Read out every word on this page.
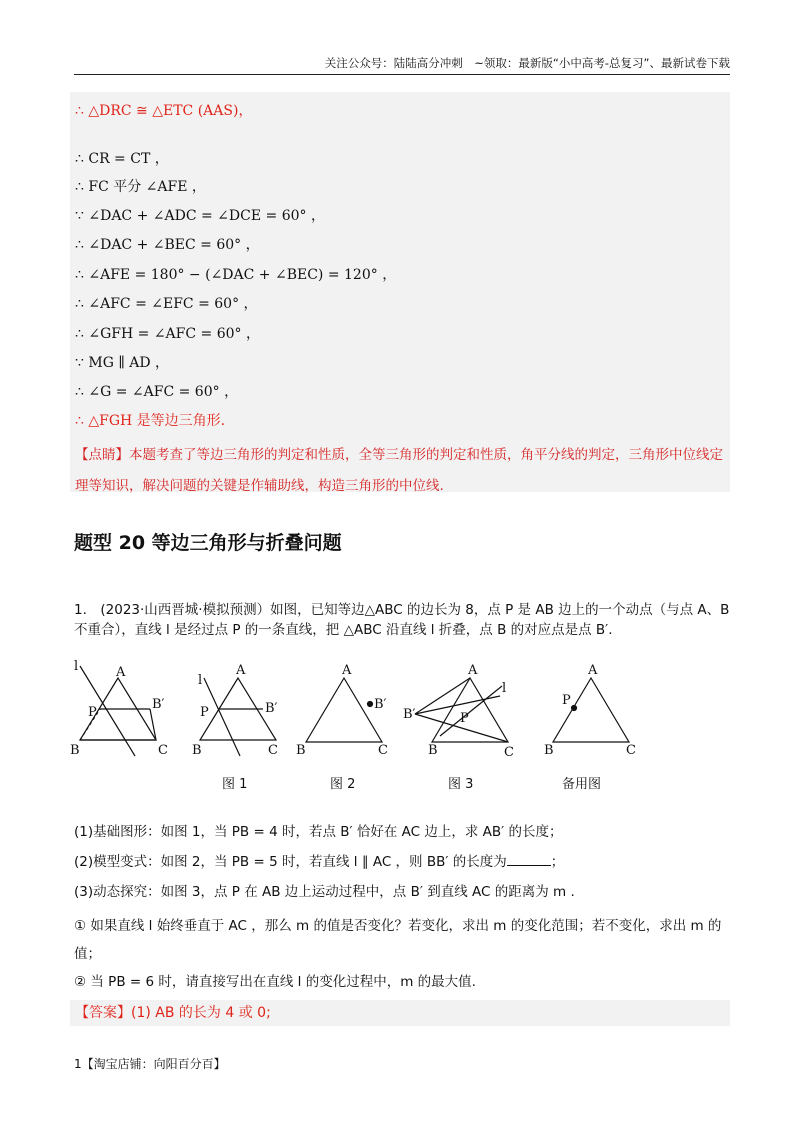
关注公众号：陆陆高分冲刺　~领取：最新版“小中高考-总复习”、最新试卷下载
∴ △DRC ≅ △ETC (AAS)，
∴ CR = CT ，
∴ FC 平分 ∠AFE ，
∵ ∠DAC + ∠ADC = ∠DCE = 60° ，
∴ ∠DAC + ∠BEC = 60° ，
∴ ∠AFE = 180° − (∠DAC + ∠BEC) = 120° ，
∴ ∠AFC = ∠EFC = 60° ，
∴ ∠GFH = ∠AFC = 60° ，
∵ MG ∥ AD ，
∴ ∠G = ∠AFC = 60° ，
∴ △FGH 是等边三角形.
【点睛】本题考查了等边三角形的判定和性质，全等三角形的判定和性质，角平分线的判定，三角形中位线定理等知识，解决问题的关键是作辅助线，构造三角形的中位线.
题型 20 等边三角形与折叠问题
1.　(2023·山西晋城·模拟预测）如图，已知等边△ABC 的边长为 8，点 P 是 AB 边上的一个动点（与点 A、B 不重合），直线 l 是经过点 P 的一条直线，把 △ABC 沿直线 l 折叠，点 B 的对应点是点 B′.
l	A
P
B′
B	C
l
A
P	B′
B	C
A
B′
B	C
A
l
B′	P
B	C
A
P
B	C
图 1	图 2	图 3	备用图
(1)基础图形：如图 1，当 PB = 4 时，若点 B′ 恰好在 AC 边上，求 AB′ 的长度；
(2)模型变式：如图 2，当 PB = 5 时，若直线 l ∥ AC ，则 BB′ 的长度为	；
(3)动态探究：如图 3，点 P 在 AB 边上运动过程中，点 B′ 到直线 AC 的距离为 m .
① 如果直线 l 始终垂直于 AC ，那么 m 的值是否变化？若变化，求出 m 的变化范围；若不变化，求出 m 的值；
② 当 PB = 6 时，请直接写出在直线 l 的变化过程中，m 的最大值.
【答案】(1) AB 的长为 4 或 0;
1【淘宝店铺：向阳百分百】
